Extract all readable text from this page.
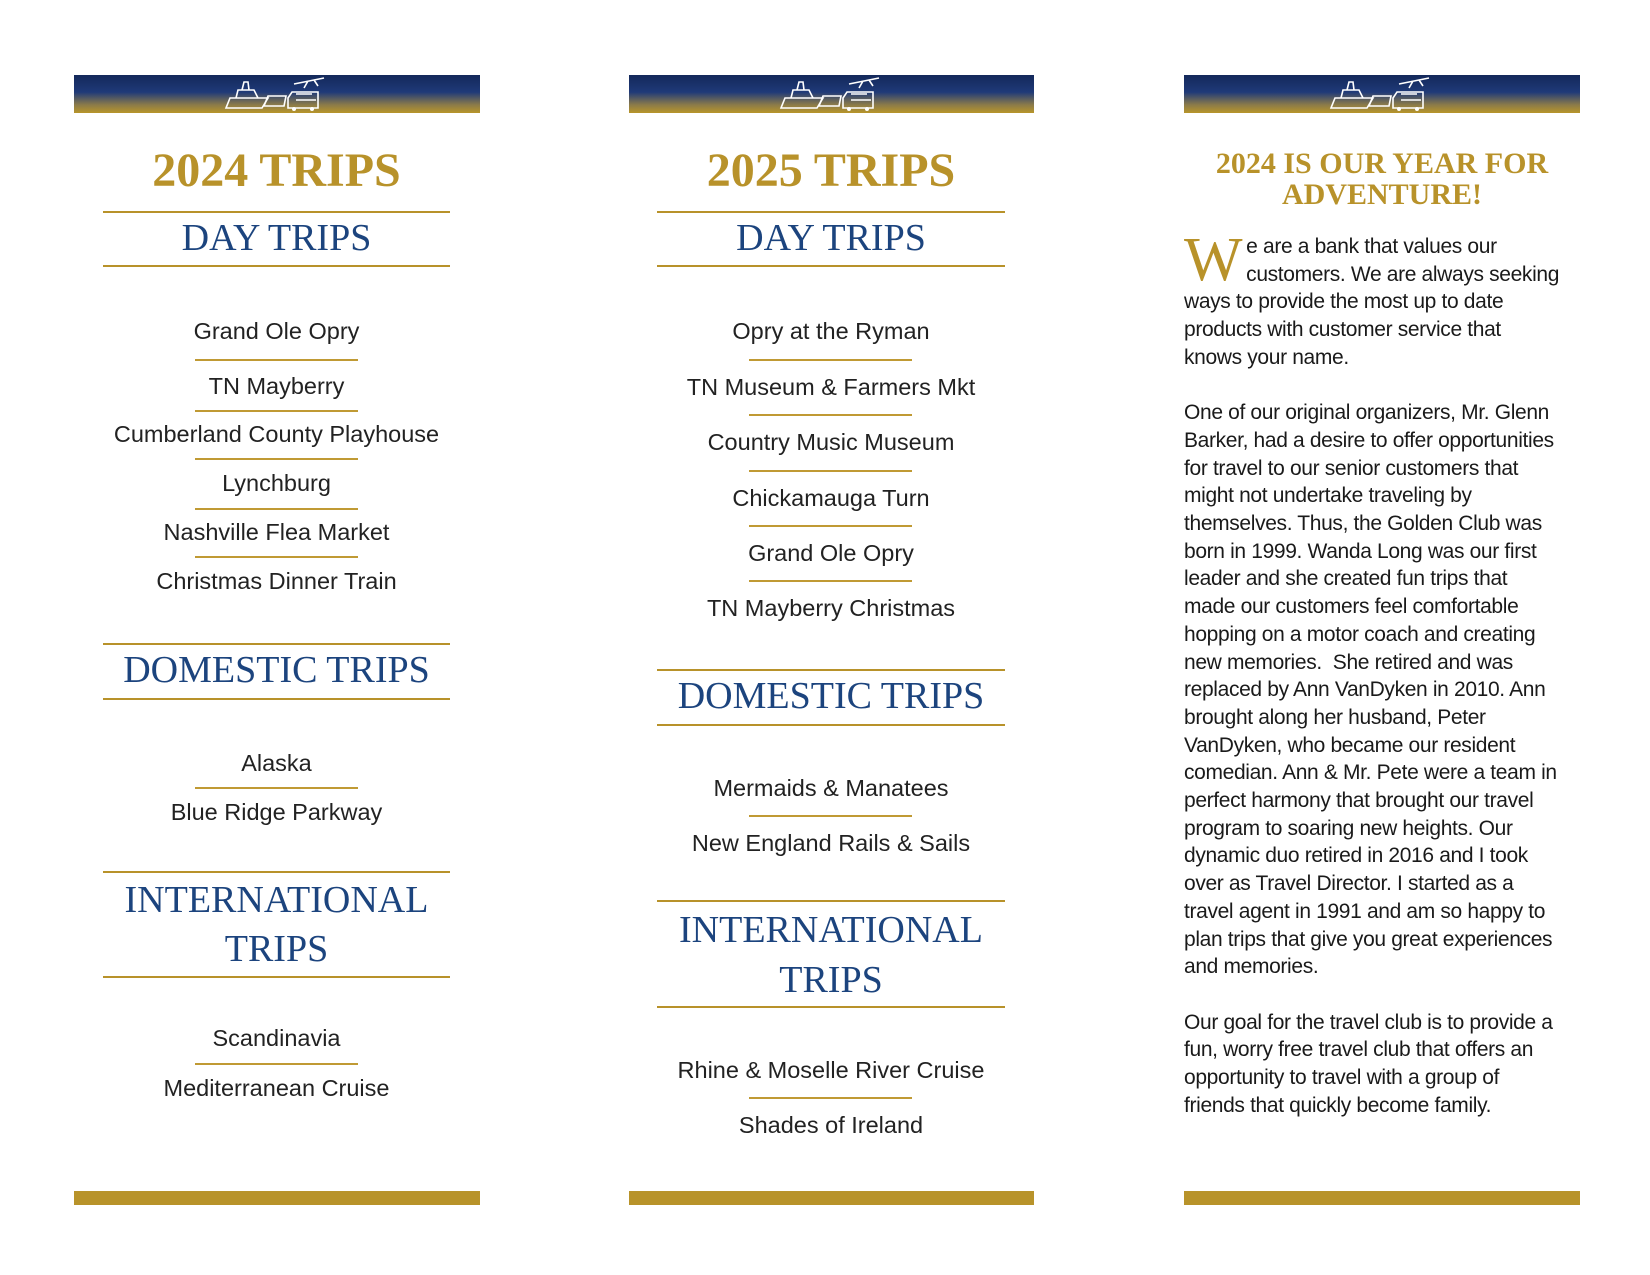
2024 TRIPS
DAY TRIPS
Grand Ole Opry
TN Mayberry
Cumberland County Playhouse
Lynchburg
Nashville Flea Market
Christmas Dinner Train
DOMESTIC TRIPS
Alaska
Blue Ridge Parkway
INTERNATIONAL
TRIPS
Scandinavia
Mediterranean Cruise
2025 TRIPS
DAY TRIPS
Opry at the Ryman
TN Museum & Farmers Mkt
Country Music Museum
Chickamauga Turn
Grand Ole Opry
TN Mayberry Christmas
DOMESTIC TRIPS
Mermaids & Manatees
New England Rails & Sails
INTERNATIONAL
TRIPS
Rhine & Moselle River Cruise
Shades of Ireland
2024 IS OUR YEAR FOR
ADVENTURE!
W e are a bank that values our
customers. We are always seeking
ways to provide the most up to date
products with customer service that
knows your name.
One of our original organizers, Mr. Glenn
Barker, had a desire to offer opportunities
for travel to our senior customers that
might not undertake traveling by
themselves. Thus, the Golden Club was
born in 1999. Wanda Long was our first
leader and she created fun trips that
made our customers feel comfortable
hopping on a motor coach and creating
new memories.  She retired and was
replaced by Ann VanDyken in 2010. Ann
brought along her husband, Peter
VanDyken, who became our resident
comedian. Ann & Mr. Pete were a team in
perfect harmony that brought our travel
program to soaring new heights. Our
dynamic duo retired in 2016 and I took
over as Travel Director. I started as a
travel agent in 1991 and am so happy to
plan trips that give you great experiences
and memories.
Our goal for the travel club is to provide a
fun, worry free travel club that offers an
opportunity to travel with a group of
friends that quickly become family.
